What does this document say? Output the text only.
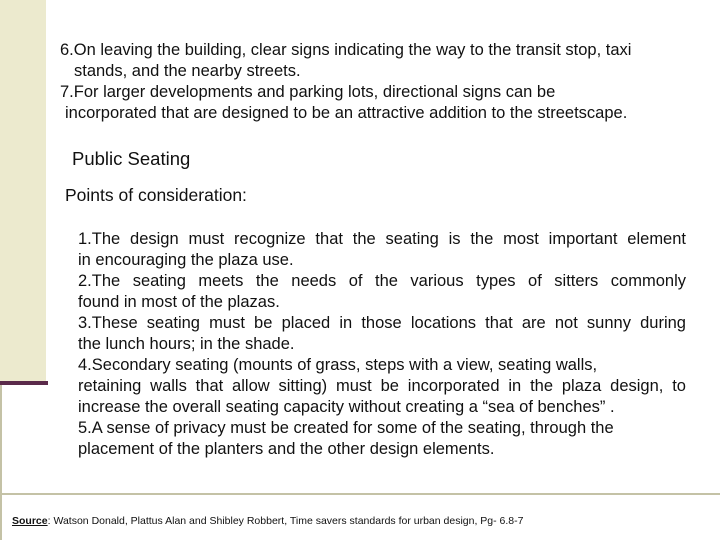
6.On leaving the building, clear signs indicating the way to the transit stop, taxi
stands, and the nearby streets.
7.For larger developments and parking lots, directional signs can be
incorporated that are designed to be an attractive addition to the streetscape.
Public Seating
Points of consideration:
1.The design must recognize that the seating is the most important element
in encouraging the plaza use.
2.The seating meets the needs of the various types of sitters commonly
found in most of the plazas.
3.These seating must be placed in those locations that are not sunny during
the lunch hours; in the shade.
4.Secondary seating (mounts of grass, steps with a view, seating walls,
retaining walls that allow sitting) must be incorporated in the plaza design, to
increase the overall seating capacity without creating a “sea of benches” .
5.A sense of privacy must be created for some of the seating, through the
placement of the planters and the other design elements.
Source: Watson Donald, Plattus Alan and Shibley Robbert, Time savers standards for urban design, Pg- 6.8-7
